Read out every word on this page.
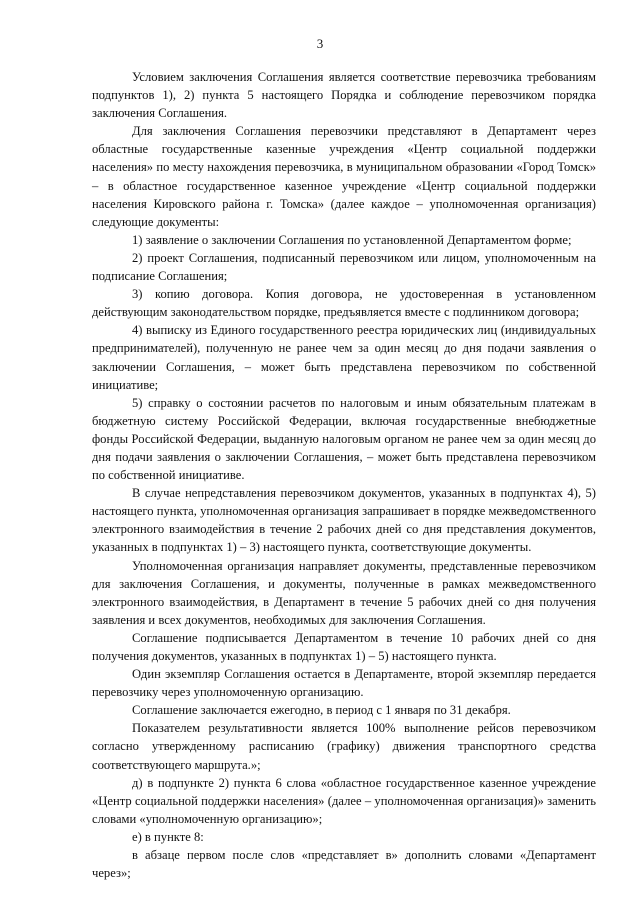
3

Условием заключения Соглашения является соответствие перевозчика требованиям подпунктов 1), 2) пункта 5 настоящего Порядка и соблюдение перевозчиком порядка заключения Соглашения.

Для заключения Соглашения перевозчики представляют в Департамент через областные государственные казенные учреждения «Центр социальной поддержки населения» по месту нахождения перевозчика, в муниципальном образовании «Город Томск» – в областное государственное казенное учреждение «Центр социальной поддержки населения Кировского района г. Томска» (далее каждое – уполномоченная организация) следующие документы:

1) заявление о заключении Соглашения по установленной Департаментом форме;

2) проект Соглашения, подписанный перевозчиком или лицом, уполномоченным на подписание Соглашения;

3) копию договора. Копия договора, не удостоверенная в установленном действующим законодательством порядке, предъявляется вместе с подлинником договора;

4) выписку из Единого государственного реестра юридических лиц (индивидуальных предпринимателей), полученную не ранее чем за один месяц до дня подачи заявления о заключении Соглашения, – может быть представлена перевозчиком по собственной инициативе;

5) справку о состоянии расчетов по налоговым и иным обязательным платежам в бюджетную систему Российской Федерации, включая государственные внебюджетные фонды Российской Федерации, выданную налоговым органом не ранее чем за один месяц до дня подачи заявления о заключении Соглашения, – может быть представлена перевозчиком по собственной инициативе.

В случае непредставления перевозчиком документов, указанных в подпунктах 4), 5) настоящего пункта, уполномоченная организация запрашивает в порядке межведомственного электронного взаимодействия в течение 2 рабочих дней со дня представления документов, указанных в подпунктах 1) – 3) настоящего пункта, соответствующие документы.

Уполномоченная организация направляет документы, представленные перевозчиком для заключения Соглашения, и документы, полученные в рамках межведомственного электронного взаимодействия, в Департамент в течение 5 рабочих дней со дня получения заявления и всех документов, необходимых для заключения Соглашения.

Соглашение подписывается Департаментом в течение 10 рабочих дней со дня получения документов, указанных в подпунктах 1) – 5) настоящего пункта.

Один экземпляр Соглашения остается в Департаменте, второй экземпляр передается перевозчику через уполномоченную организацию.

Соглашение заключается ежегодно, в период с 1 января по 31 декабря.

Показателем результативности является 100% выполнение рейсов перевозчиком согласно утвержденному расписанию (графику) движения транспортного средства соответствующего маршрута.»;

д) в подпункте 2) пункта 6 слова «областное государственное казенное учреждение «Центр социальной поддержки населения» (далее – уполномоченная организация)» заменить словами «уполномоченную организацию»;

е) в пункте 8:

в абзаце первом после слов «представляет в» дополнить словами «Департамент через»;
